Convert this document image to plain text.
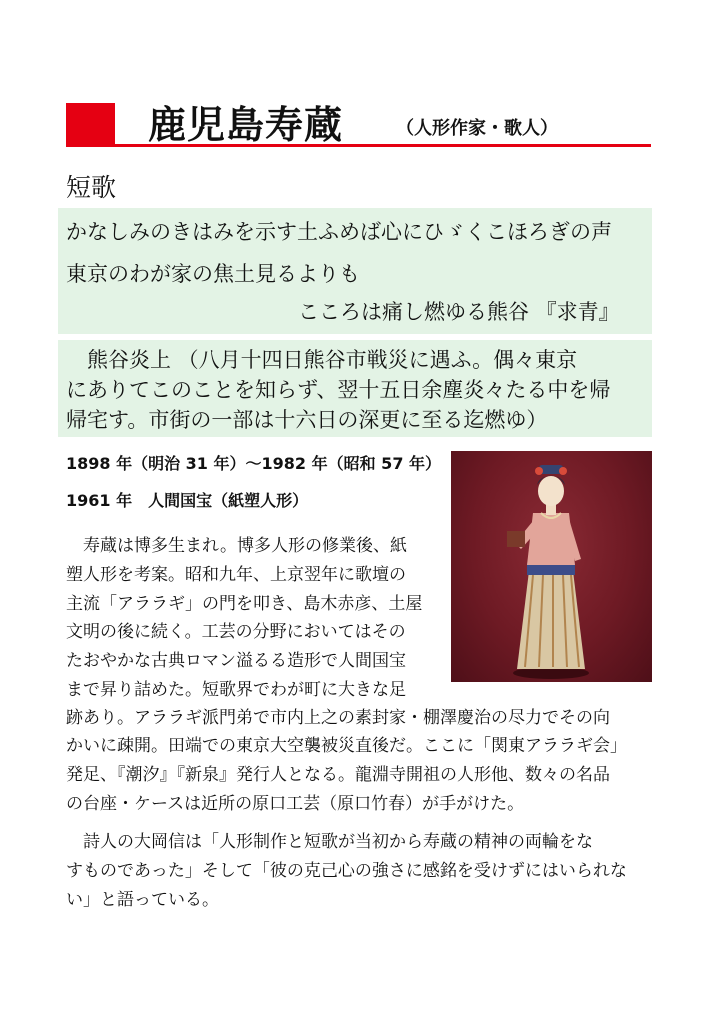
鹿児島寿蔵	（人形作家・歌人）
短歌
かなしみのきはみを示す土ふめば心にひゞくこほろぎの声
東京のわが家の焦土見るよりも
こころは痛し燃ゆる熊谷 『求青』
　熊谷炎上 （八月十四日熊谷市戦災に遇ふ。偶々東京
にありてこのことを知らず、翌十五日余塵炎々たる中を帰
帰宅す。市街の一部は十六日の深更に至る迄燃ゆ）
1898 年（明治 31 年）～1982 年（昭和 57 年）
1961 年　人間国宝（紙塑人形）
　寿蔵は博多生まれ。博多人形の修業後、紙
塑人形を考案。昭和九年、上京翌年に歌壇の
主流「アララギ」の門を叩き、島木赤彦、土屋
文明の後に続く。工芸の分野においてはその
たおやかな古典ロマン溢るる造形で人間国宝
まで昇り詰めた。短歌界でわが町に大きな足
跡あり。アララギ派門弟で市内上之の素封家・棚澤慶治の尽力でその向
かいに疎開。田端での東京大空襲被災直後だ。ここに「関東アララギ会」
発足、『潮汐』『新泉』発行人となる。龍淵寺開祖の人形他、数々の名品
の台座・ケースは近所の原口工芸（原口竹春）が手がけた。
　詩人の大岡信は「人形制作と短歌が当初から寿蔵の精神の両輪をな
すものであった」そして「彼の克己心の強さに感銘を受けずにはいられな
い」と語っている。
